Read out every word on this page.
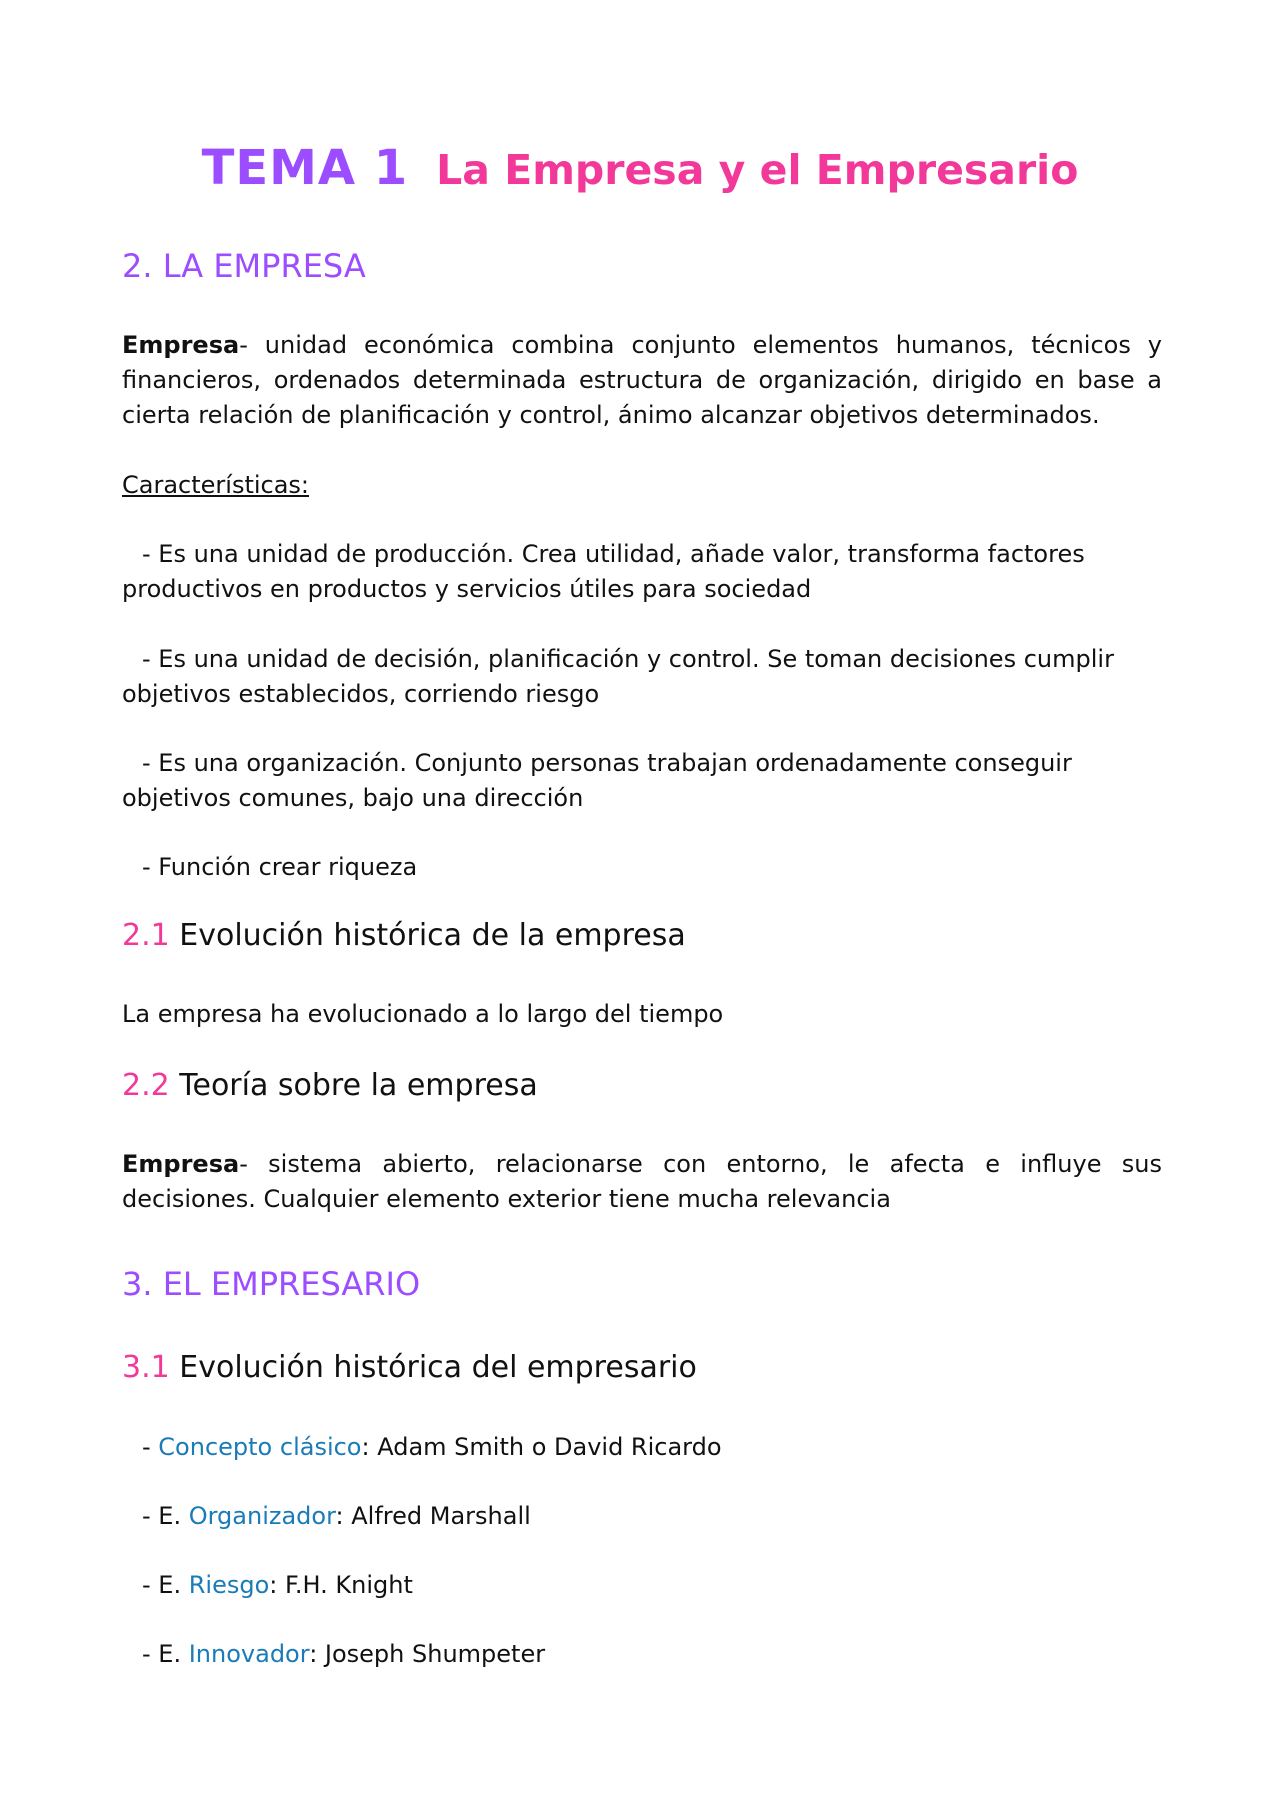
TEMA 1 La Empresa y el Empresario
2. LA EMPRESA
Empresa- unidad económica combina conjunto elementos humanos, técnicos y financieros, ordenados determinada estructura de organización, dirigido en base a cierta relación de planificación y control, ánimo alcanzar objetivos determinados.
Características:
- Es una unidad de producción. Crea utilidad, añade valor, transforma factores productivos en productos y servicios útiles para sociedad
- Es una unidad de decisión, planificación y control. Se toman decisiones cumplir objetivos establecidos, corriendo riesgo
- Es una organización. Conjunto personas trabajan ordenadamente conseguir objetivos comunes, bajo una dirección
- Función crear riqueza
2.1 Evolución histórica de la empresa
La empresa ha evolucionado a lo largo del tiempo
2.2 Teoría sobre la empresa
Empresa- sistema abierto, relacionarse con entorno, le afecta e influye sus decisiones. Cualquier elemento exterior tiene mucha relevancia
3. EL EMPRESARIO
3.1 Evolución histórica del empresario
- Concepto clásico: Adam Smith o David Ricardo
- E. Organizador: Alfred Marshall
- E. Riesgo: F.H. Knight
- E. Innovador: Joseph Shumpeter
